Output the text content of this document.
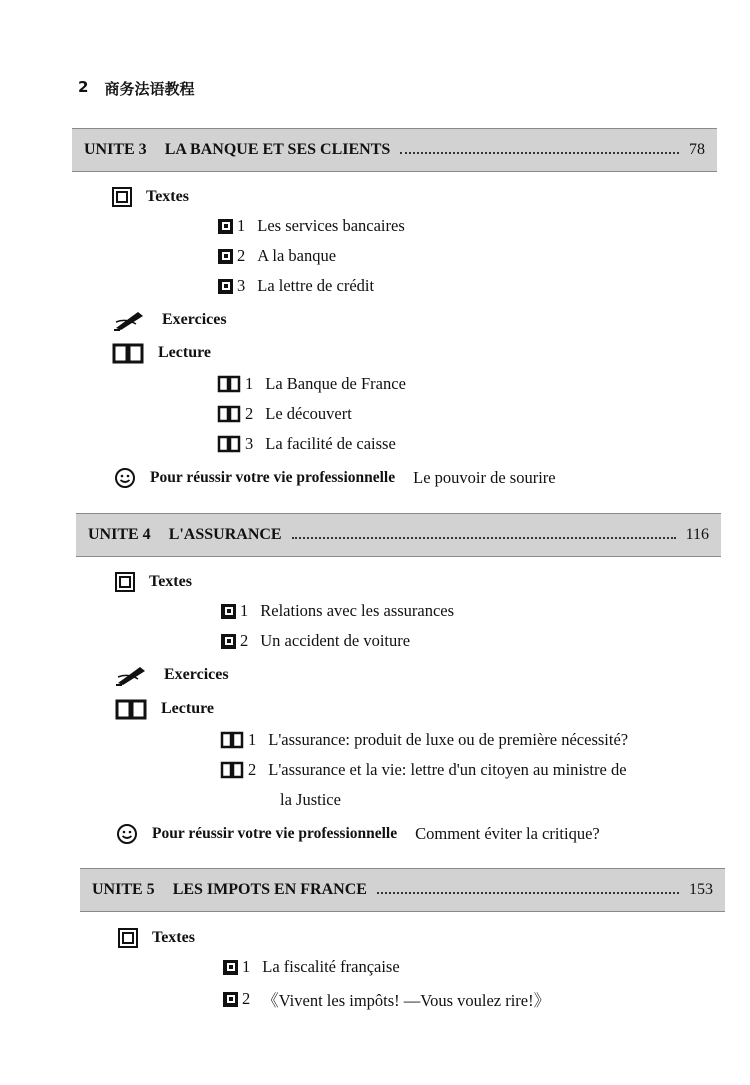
2 商务法语教程
UNITE 3 LA BANQUE ET SES CLIENTS	78
Textes
1 Les services bancaires
2 A la banque
3 La lettre de crédit
Exercices
Lecture
1 La Banque de France
2 Le découvert
3 La facilité de caisse
Pour réussir votre vie professionnelle Le pouvoir de sourire
UNITE 4 L'ASSURANCE	116
Textes
1 Relations avec les assurances
2 Un accident de voiture
Exercices
Lecture
1 L'assurance: produit de luxe ou de première nécessité?
2 L'assurance et la vie: lettre d'un citoyen au ministre de
la Justice
Pour réussir votre vie professionnelle Comment éviter la critique?
UNITE 5 LES IMPOTS EN FRANCE	153
Textes
1 La fiscalité française
2 《Vivent les impôts! —Vous voulez rire!》
